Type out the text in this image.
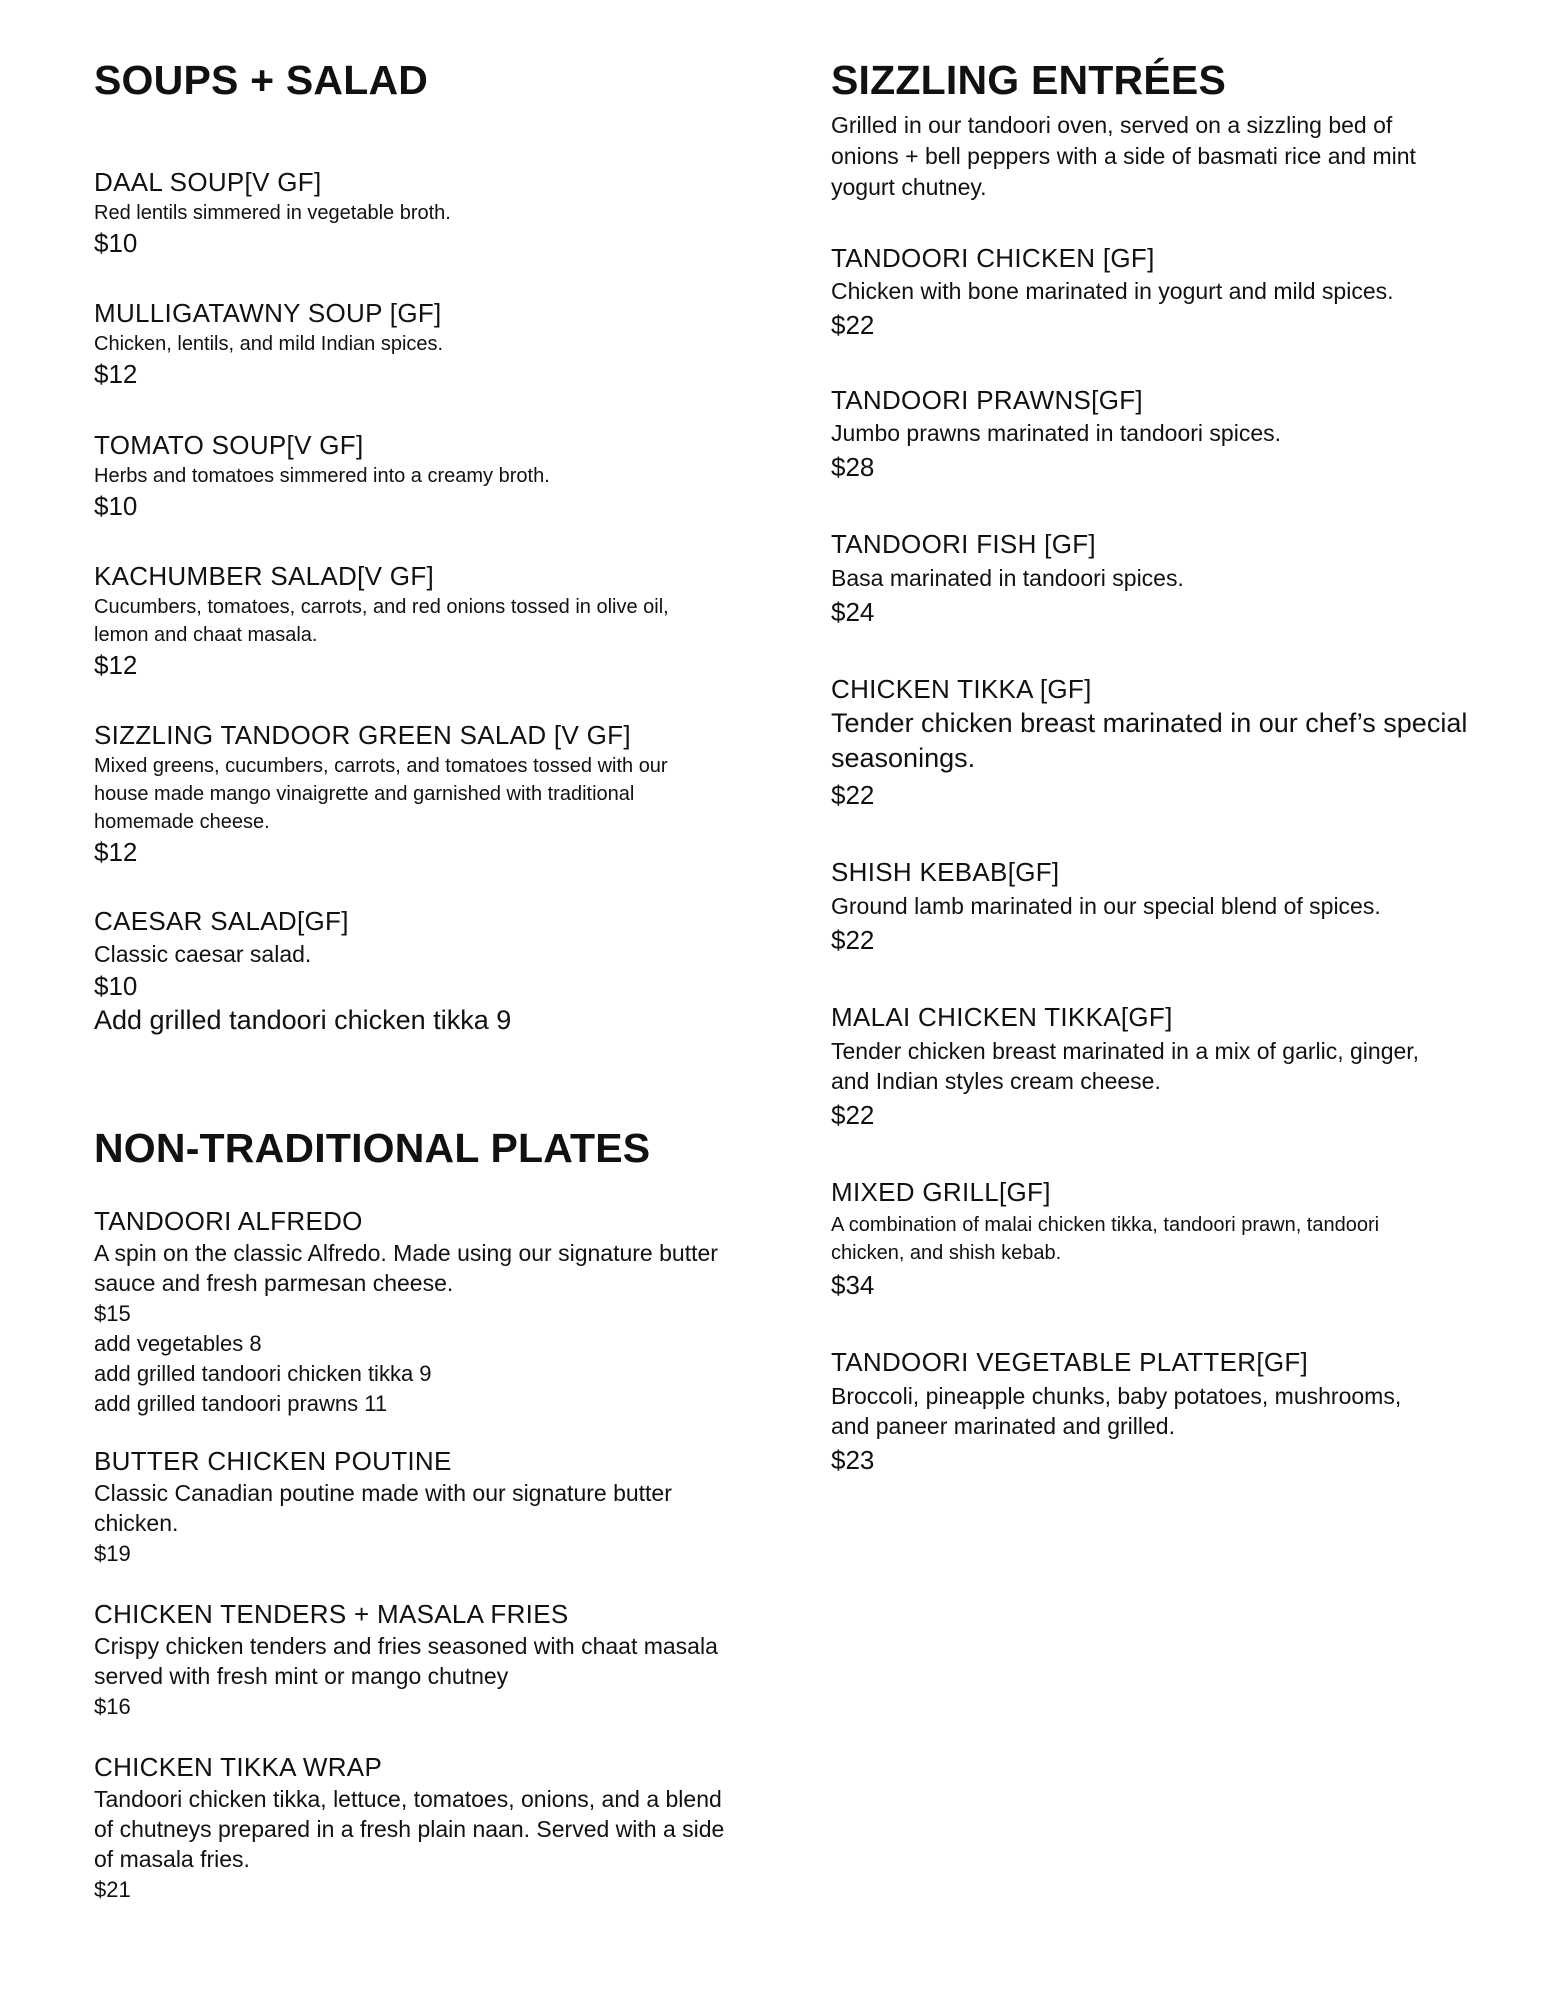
SOUPS + SALAD
DAAL SOUP[V GF]
Red lentils simmered in vegetable broth.
$10
MULLIGATAWNY SOUP [GF]
Chicken, lentils, and mild Indian spices.
$12
TOMATO SOUP[V GF]
Herbs and tomatoes simmered into a creamy broth.
$10
KACHUMBER SALAD[V GF]
Cucumbers, tomatoes, carrots, and red onions tossed in olive oil,
lemon and chaat masala.
$12
SIZZLING TANDOOR GREEN SALAD [V GF]
Mixed greens, cucumbers, carrots, and tomatoes tossed with our
house made mango vinaigrette and garnished with traditional
homemade cheese.
$12
CAESAR SALAD[GF]
Classic caesar salad.
$10
Add grilled tandoori chicken tikka 9
NON-TRADITIONAL PLATES
TANDOORI ALFREDO
A spin on the classic Alfredo. Made using our signature butter
sauce and fresh parmesan cheese.
$15
add vegetables 8
add grilled tandoori chicken tikka 9
add grilled tandoori prawns 11
BUTTER CHICKEN POUTINE
Classic Canadian poutine made with our signature butter
chicken.
$19
CHICKEN TENDERS + MASALA FRIES
Crispy chicken tenders and fries seasoned with chaat masala
served with fresh mint or mango chutney
$16
CHICKEN TIKKA WRAP
Tandoori chicken tikka, lettuce, tomatoes, onions, and a blend
of chutneys prepared in a fresh plain naan. Served with a side
of masala fries.
$21
SIZZLING ENTRÉES
Grilled in our tandoori oven, served on a sizzling bed of
onions + bell peppers with a side of basmati rice and mint
yogurt chutney.
TANDOORI CHICKEN [GF]
Chicken with bone marinated in yogurt and mild spices.
$22
TANDOORI PRAWNS[GF]
Jumbo prawns marinated in tandoori spices.
$28
TANDOORI FISH [GF]
Basa marinated in tandoori spices.
$24
CHICKEN TIKKA [GF]
Tender chicken breast marinated in our chef’s special
seasonings.
$22
SHISH KEBAB[GF]
Ground lamb marinated in our special blend of spices.
$22
MALAI CHICKEN TIKKA[GF]
Tender chicken breast marinated in a mix of garlic, ginger,
and Indian styles cream cheese.
$22
MIXED GRILL[GF]
A combination of malai chicken tikka, tandoori prawn, tandoori
chicken, and shish kebab.
$34
TANDOORI VEGETABLE PLATTER[GF]
Broccoli, pineapple chunks, baby potatoes, mushrooms,
and paneer marinated and grilled.
$23
